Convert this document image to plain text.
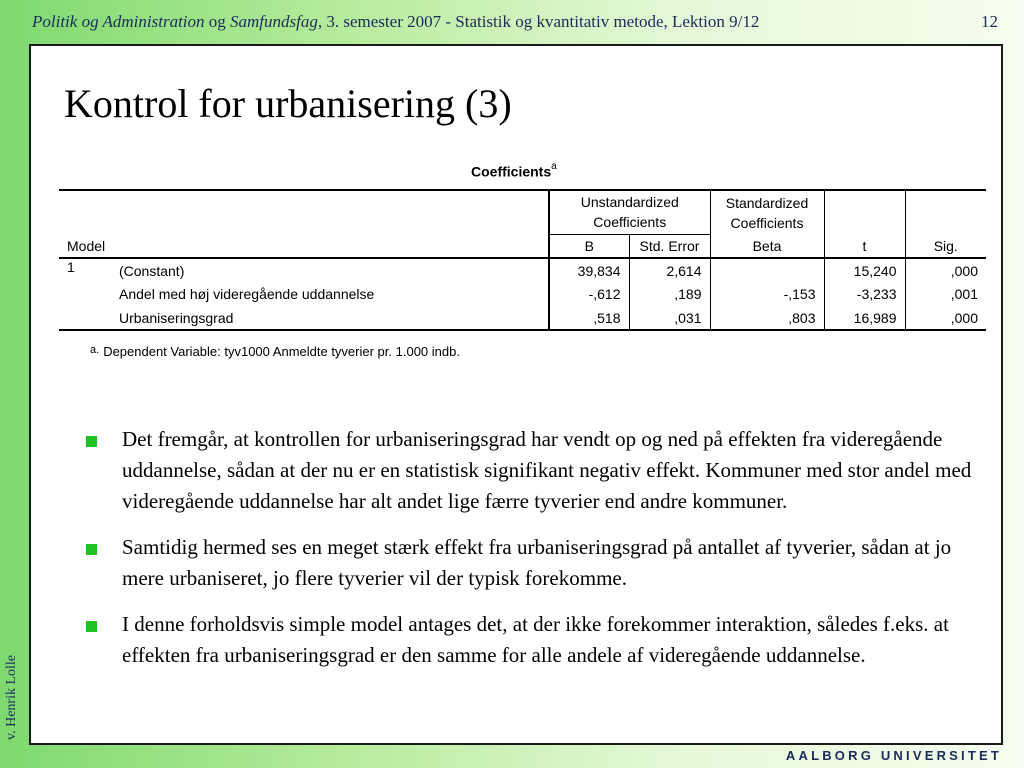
Politik og Administration og Samfundsfag, 3. semester 2007 - Statistik og kvantitativ metode, Lektion 9/12	12
Kontrol for urbanisering (3)
Coefficients$^a$
		Unstandardized
Coefficients		Standardized
Coefficients		
Model		B	Std. Error	Beta	t	Sig.
1	(Constant)	39,834	2,614		15,240	,000
	Andel med høj videregående uddannelse	-,612	,189	-,153	-3,233	,001
	Urbaniseringsgrad	,518	,031	,803	16,989	,000
$^{a.}$ Dependent Variable: tyv1000 Anmeldte tyverier pr. 1.000 indb.
Det fremgår, at kontrollen for urbaniseringsgrad har vendt op og ned på effekten fra videregående uddannelse, sådan at der nu er en statistisk signifikant negativ effekt. Kommuner med stor andel med videregående uddannelse har alt andet lige færre tyverier end andre kommuner.
Samtidig hermed ses en meget stærk effekt fra urbaniseringsgrad på antallet af tyverier, sådan at jo mere urbaniseret, jo flere tyverier vil der typisk forekomme.
I denne forholdsvis simple model antages det, at der ikke forekommer interaktion, således f.eks. at effekten fra urbaniseringsgrad er den samme for alle andele af videregående uddannelse.
v. Henrik Lolle
AALBORG UNIVERSITET
